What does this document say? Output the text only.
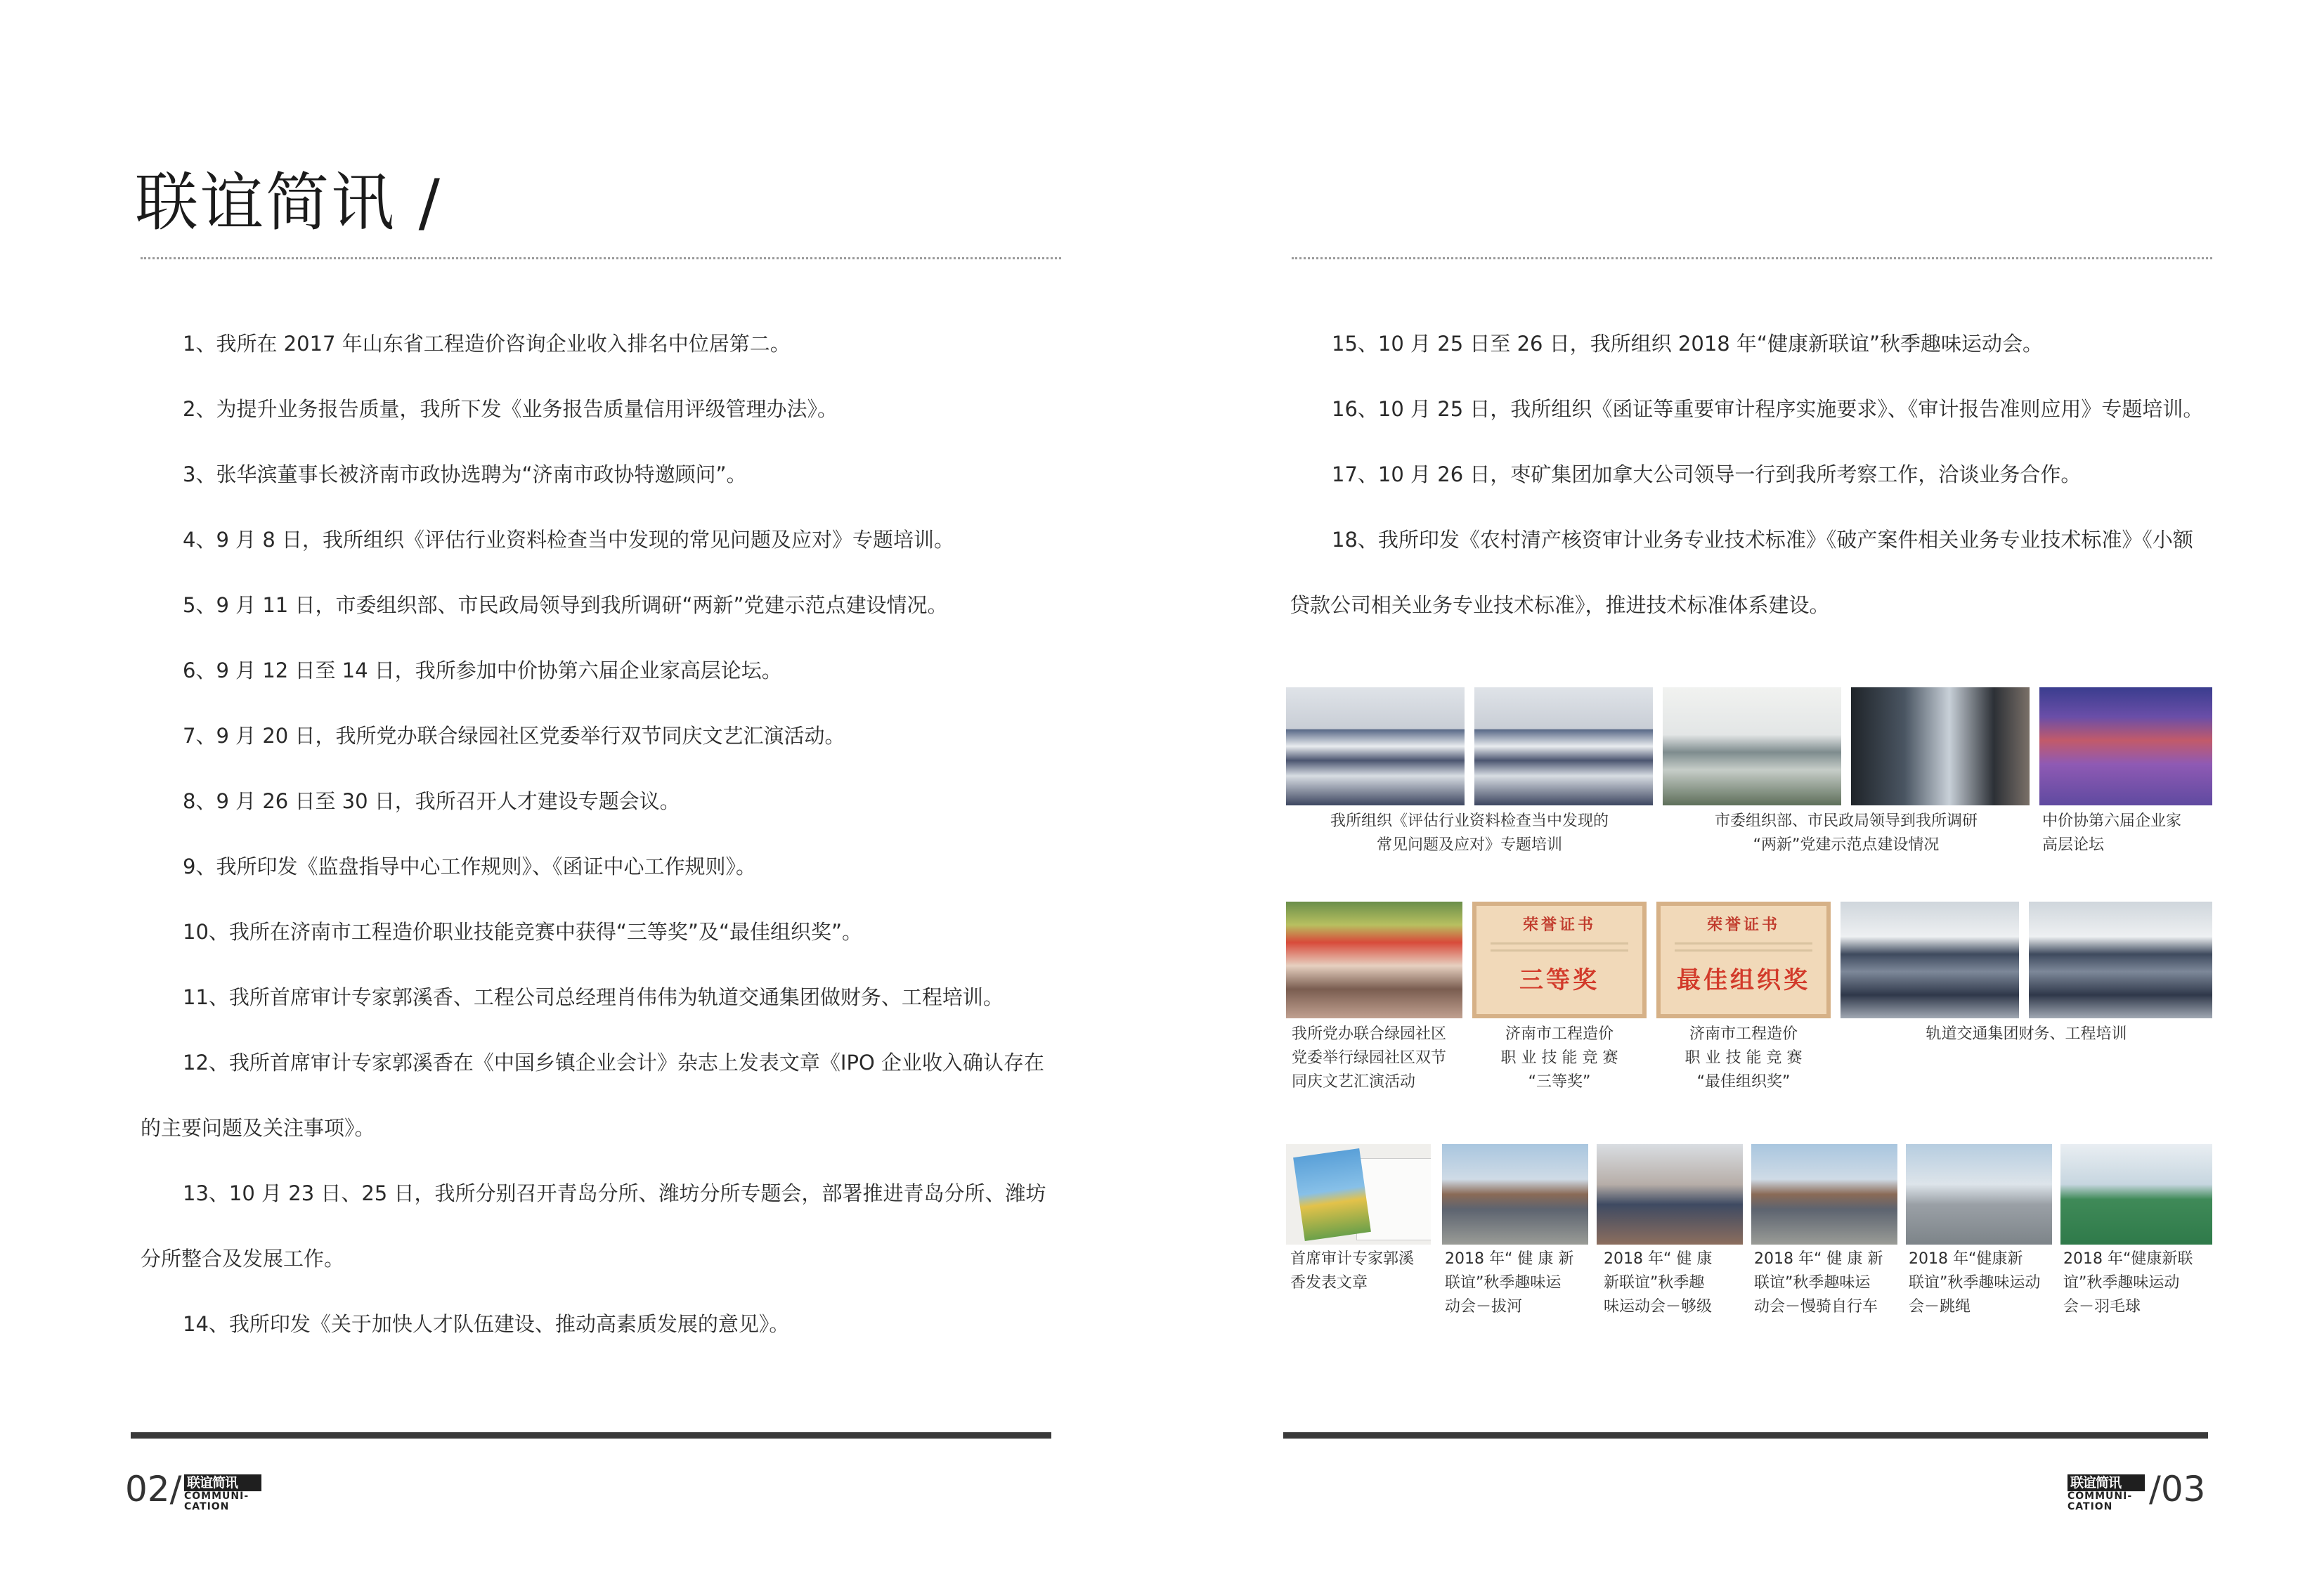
联谊简讯 /

1、我所在 2017 年山东省工程造价咨询企业收入排名中位居第二。

2、为提升业务报告质量，我所下发《业务报告质量信用评级管理办法》。

3、张华滨董事长被济南市政协选聘为“济南市政协特邀顾问”。

4、9 月 8 日，我所组织《评估行业资料检查当中发现的常见问题及应对》专题培训。

5、9 月 11 日，市委组织部、市民政局领导到我所调研“两新”党建示范点建设情况。

6、9 月 12 日至 14 日，我所参加中价协第六届企业家高层论坛。

7、9 月 20 日，我所党办联合绿园社区党委举行双节同庆文艺汇演活动。

8、9 月 26 日至 30 日，我所召开人才建设专题会议。

9、我所印发《监盘指导中心工作规则》、《函证中心工作规则》。

10、我所在济南市工程造价职业技能竞赛中获得“三等奖”及“最佳组织奖”。

11、我所首席审计专家郭溪香、工程公司总经理肖伟伟为轨道交通集团做财务、工程培训。

12、我所首席审计专家郭溪香在《中国乡镇企业会计》杂志上发表文章《IPO 企业收入确认存在的主要问题及关注事项》。

13、10 月 23 日、25 日，我所分别召开青岛分所、潍坊分所专题会，部署推进青岛分所、潍坊分所整合及发展工作。

14、我所印发《关于加快人才队伍建设、推动高素质发展的意见》。

15、10 月 25 日至 26 日，我所组织 2018 年“健康新联谊”秋季趣味运动会。

16、10 月 25 日，我所组织《函证等重要审计程序实施要求》、《审计报告准则应用》专题培训。

17、10 月 26 日，枣矿集团加拿大公司领导一行到我所考察工作，洽谈业务合作。

18、我所印发《农村清产核资审计业务专业技术标准》《破产案件相关业务专业技术标准》《小额贷款公司相关业务专业技术标准》，推进技术标准体系建设。

我所组织《评估行业资料检查当中发现的
常见问题及应对》专题培训
市委组织部、市民政局领导到我所调研
“两新”党建示范点建设情况
中价协第六届企业家
高层论坛
荣誉证书
三等奖
荣誉证书
最佳组织奖
我所党办联合绿园社区
党委举行绿园社区双节
同庆文艺汇演活动
济南市工程造价
职 业 技 能 竞 赛
“三等奖”
济南市工程造价
职 业 技 能 竞 赛
“最佳组织奖”
轨道交通集团财务、工程培训
首席审计专家郭溪
香发表文章
2018 年“ 健 康 新
联谊”秋季趣味运
动会－拔河
2018 年“ 健 康
新联谊”秋季趣
味运动会－够级
2018 年“ 健 康 新
联谊”秋季趣味运
动会－慢骑自行车
2018 年“健康新
联谊”秋季趣味运动
会－跳绳
2018 年“健康新联
谊”秋季趣味运动
会－羽毛球
02/ 联谊简讯
COMMUNI-
CATION
联谊简讯
COMMUNI-
CATION	/03
